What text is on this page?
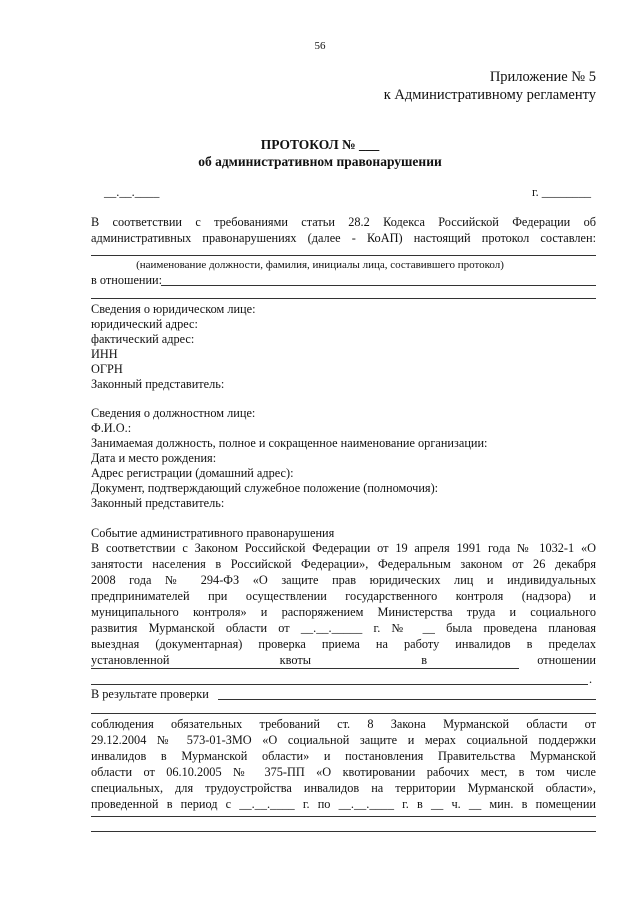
56
Приложение № 5
к Административному регламенту
ПРОТОКОЛ № ___
об административном правонарушении
__.__.____	г. ________
В соответствии с требованиями статьи 28.2 Кодекса Российской Федерации об
административных правонарушениях (далее - КоАП) настоящий протокол составлен:
(наименование должности, фамилия, инициалы лица, составившего протокол)
в отношении:
Сведения о юридическом лице:
юридический адрес:
фактический адрес:
ИНН
ОГРН
Законный представитель:
Сведения о должностном лице:
Ф.И.О.:
Занимаемая должность, полное и сокращенное наименование организации:
Дата и место рождения:
Адрес регистрации (домашний адрес):
Документ, подтверждающий служебное положение (полномочия):
Законный представитель:
Событие административного правонарушения
В соответствии с Законом Российской Федерации от 19 апреля 1991 года № 1032-1 «О
занятости населения в Российской Федерации», Федеральным законом от 26 декабря
2008 года № 294-ФЗ «О защите прав юридических лиц и индивидуальных
предпринимателей при осуществлении государственного контроля (надзора) и
муниципального контроля» и распоряжением Министерства труда и социального
развития Мурманской области от __.__._____ г. № __ была проведена плановая
выездная (документарная) проверка приема на работу инвалидов в пределах
установленной	квоты	в	отношении
.
В результате проверки
соблюдения обязательных требований ст. 8 Закона Мурманской области от
29.12.2004 № 573-01-ЗМО «О социальной защите и мерах социальной поддержки
инвалидов в Мурманской области» и постановления Правительства Мурманской
области от 06.10.2005 № 375-ПП «О квотировании рабочих мест, в том числе
специальных, для трудоустройства инвалидов на территории Мурманской области»,
проведенной в период с __.__.____ г. по __.__.____ г. в __ ч. __ мин. в помещении
